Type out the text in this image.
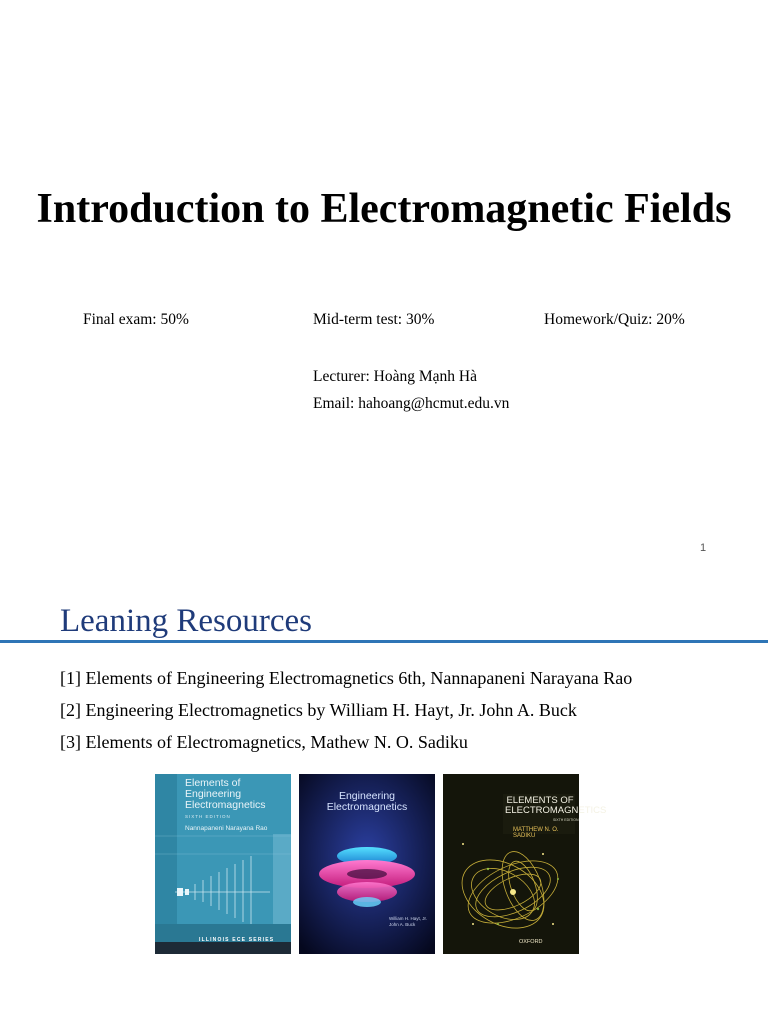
Introduction to Electromagnetic Fields
Final exam: 50%	Mid-term test: 30%	Homework/Quiz: 20%
Lecturer: Hoàng Mạnh Hà
Email: hahoang@hcmut.edu.vn
1
Leaning Resources
[1] Elements of Engineering Electromagnetics 6th, Nannapaneni Narayana Rao
[2] Engineering Electromagnetics by William H. Hayt, Jr. John A. Buck
[3] Elements of Electromagnetics, Mathew N. O. Sadiku
Elements of Engineering Electromagnetics
SIXTH EDITION
Nannapaneni Narayana Rao
ILLINOIS ECE SERIES
Engineering Electromagnetics
William H. Hayt, Jr. John A. Buck
ELEMENTS OF ELECTROMAGNETICS
SIXTH EDITION
MATTHEW N. O. SADIKU
OXFORD
